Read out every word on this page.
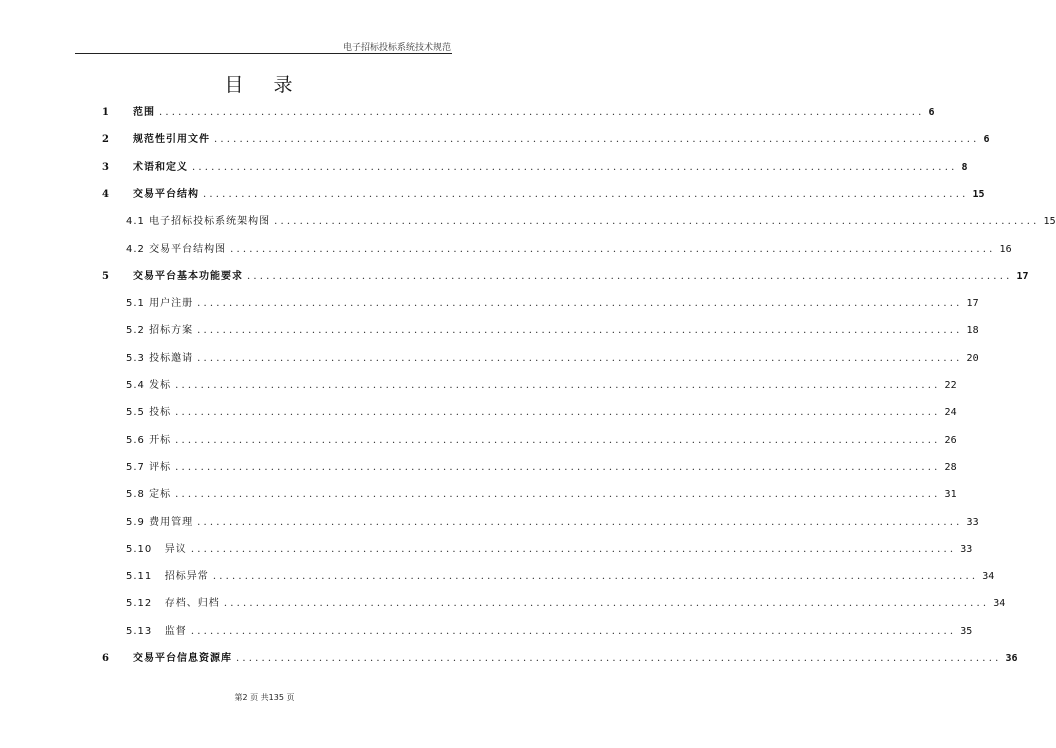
电子招标投标系统技术规范
目 录
1 范围 ........................................................................................................................ 6
2 规范性引用文件 ........................................................................................................................ 6
3 术语和定义 ........................................................................................................................ 8
4 交易平台结构 ........................................................................................................................ 15
4.1 电子招标投标系统架构图 ........................................................................................................................ 15
4.2 交易平台结构图 ........................................................................................................................ 16
5 交易平台基本功能要求 ........................................................................................................................ 17
5.1 用户注册 ........................................................................................................................ 17
5.2 招标方案 ........................................................................................................................ 18
5.3 投标邀请 ........................................................................................................................ 20
5.4 发标 ........................................................................................................................ 22
5.5 投标 ........................................................................................................................ 24
5.6 开标 ........................................................................................................................ 26
5.7 评标 ........................................................................................................................ 28
5.8 定标 ........................................................................................................................ 31
5.9 费用管理 ........................................................................................................................ 33
5.10   异议 ........................................................................................................................ 33
5.11   招标异常 ........................................................................................................................ 34
5.12   存档、归档 ........................................................................................................................ 34
5.13   监督 ........................................................................................................................ 35
6 交易平台信息资源库 ........................................................................................................................ 36
第2 页 共135 页
